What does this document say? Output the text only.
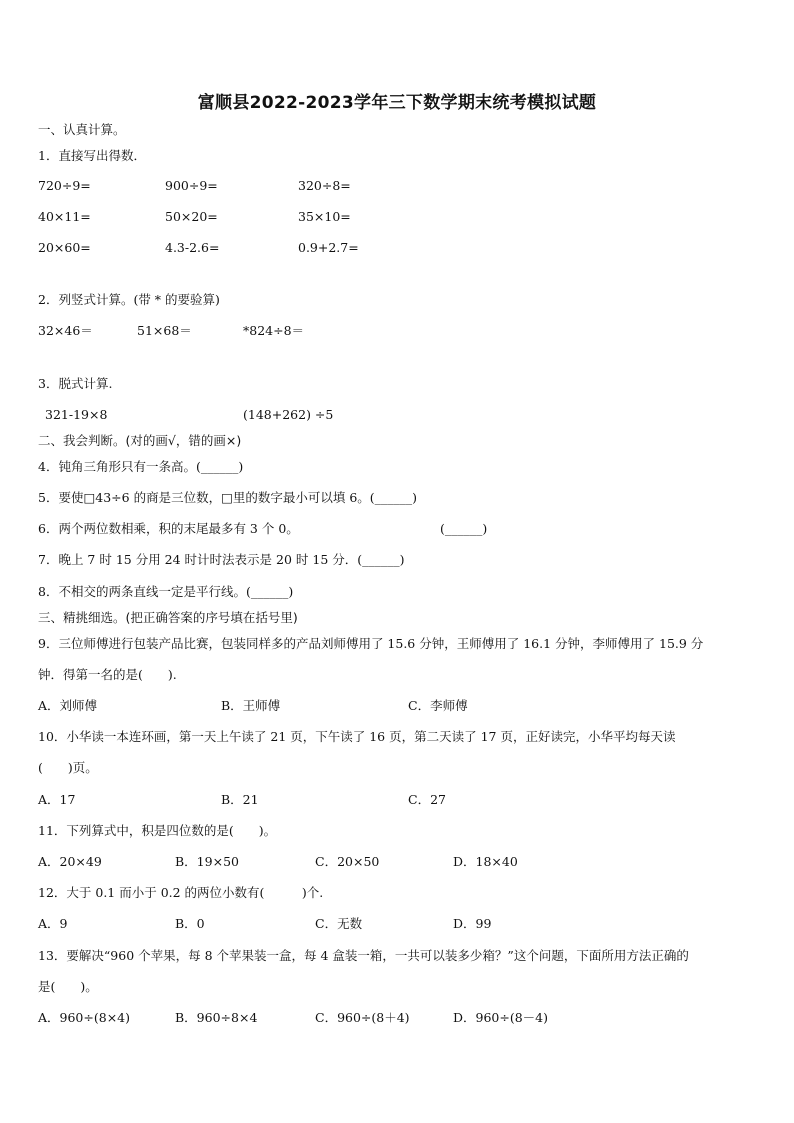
富顺县2022-2023学年三下数学期末统考模拟试题
一、认真计算。
1．直接写出得数．
720÷9=	900÷9=	320÷8=
40×11=	50×20=	35×10=
20×60=	4.3-2.6=	0.9+2.7=
2．列竖式计算。(带 * 的要验算)
32×46＝	51×68＝	*824÷8＝
3．脱式计算.
321-19×8	(148+262) ÷5
二、我会判断。(对的画√，错的画×)
4．钝角三角形只有一条高。(______)
5．要使□43÷6 的商是三位数，□里的数字最小可以填 6。(______)
6．两个两位数相乘，积的末尾最多有 3 个 0。	(______)
7．晚上 7 时 15 分用 24 时计时法表示是 20 时 15 分．(______)
8．不相交的两条直线一定是平行线。(______)
三、精挑细选。(把正确答案的序号填在括号里)
9．三位师傅进行包装产品比赛，包装同样多的产品刘师傅用了 15.6 分钟，王师傅用了 16.1 分钟，李师傅用了 15.9 分
钟．得第一名的是(　　).
A．刘师傅	B．王师傅	C．李师傅
10．小华读一本连环画，第一天上午读了 21 页，下午读了 16 页，第二天读了 17 页，正好读完，小华平均每天读
(　　)页。
A．17	B．21	C．27
11．下列算式中，积是四位数的是(　　)。
A．20×49	B．19×50	C．20×50	D．18×40
12．大于 0.1 而小于 0.2 的两位小数有(　　　)个.
A．9	B．0	C．无数	D．99
13．要解决“960 个苹果，每 8 个苹果装一盒，每 4 盒装一箱，一共可以装多少箱？”这个问题，下面所用方法正确的
是(　　)。
A．960÷(8×4)	B．960÷8×4	C．960÷(8＋4)	D．960÷(8－4)
